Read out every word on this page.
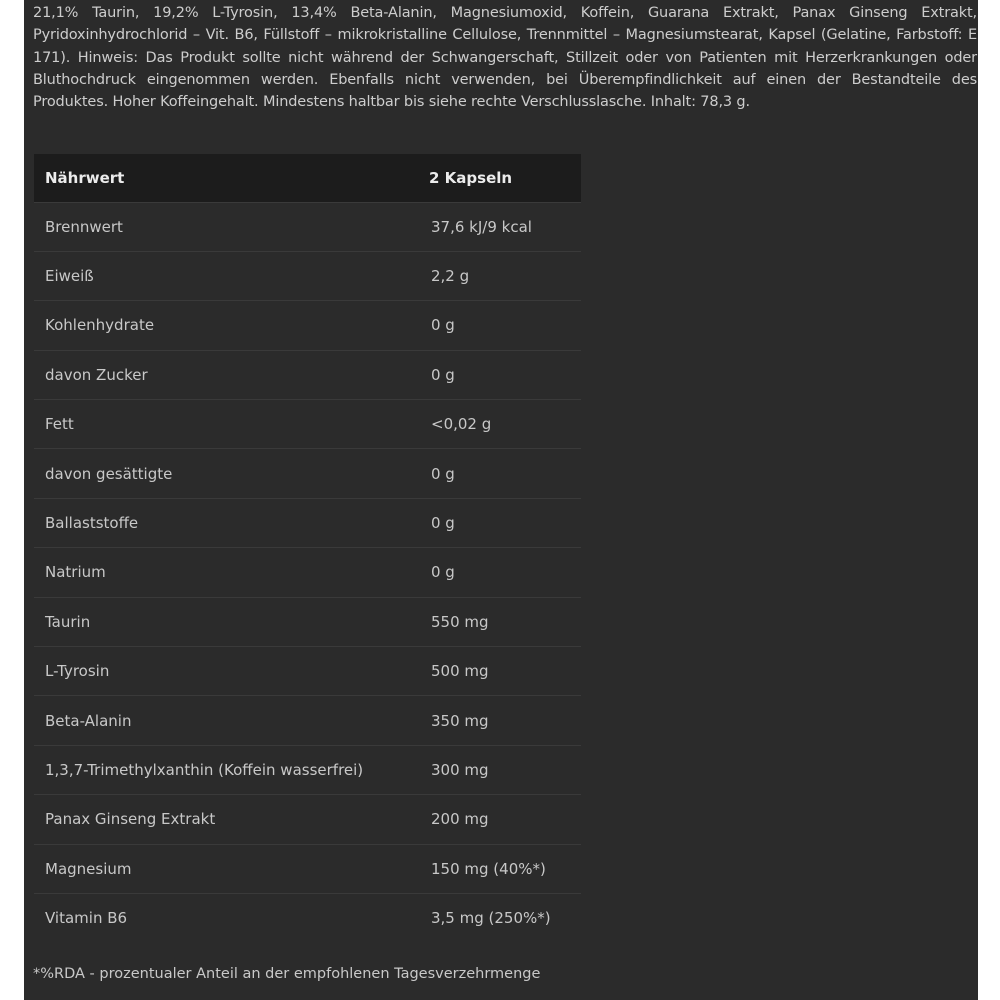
21,1% Taurin, 19,2% L-Tyrosin, 13,4% Beta-Alanin, Magnesiumoxid, Koffein, Guarana Extrakt, Panax Ginseng Extrakt, Pyridoxinhydrochlorid – Vit. B6, Füllstoff – mikrokristalline Cellulose, Trennmittel – Magnesiumstearat, Kapsel (Gelatine, Farbstoff: E 171). Hinweis: Das Produkt sollte nicht während der Schwangerschaft, Stillzeit oder von Patienten mit Herzerkrankungen oder Bluthochdruck eingenommen werden. Ebenfalls nicht verwenden, bei Überempfindlichkeit auf einen der Bestandteile des Produktes. Hoher Koffeingehalt. Mindestens haltbar bis siehe rechte Verschlusslasche. Inhalt: 78,3 g.
Nährwert	2 Kapseln
Brennwert	37,6 kJ/9 kcal
Eiweiß	2,2 g
Kohlenhydrate	0 g
davon Zucker	0 g
Fett	<0,02 g
davon gesättigte	0 g
Ballaststoffe	0 g
Natrium	0 g
Taurin	550 mg
L-Tyrosin	500 mg
Beta-Alanin	350 mg
1,3,7-Trimethylxanthin (Koffein wasserfrei)	300 mg
Panax Ginseng Extrakt	200 mg
Magnesium	150 mg (40%*)
Vitamin B6	3,5 mg (250%*)
*%RDA - prozentualer Anteil an der empfohlenen Tagesverzehrmenge
